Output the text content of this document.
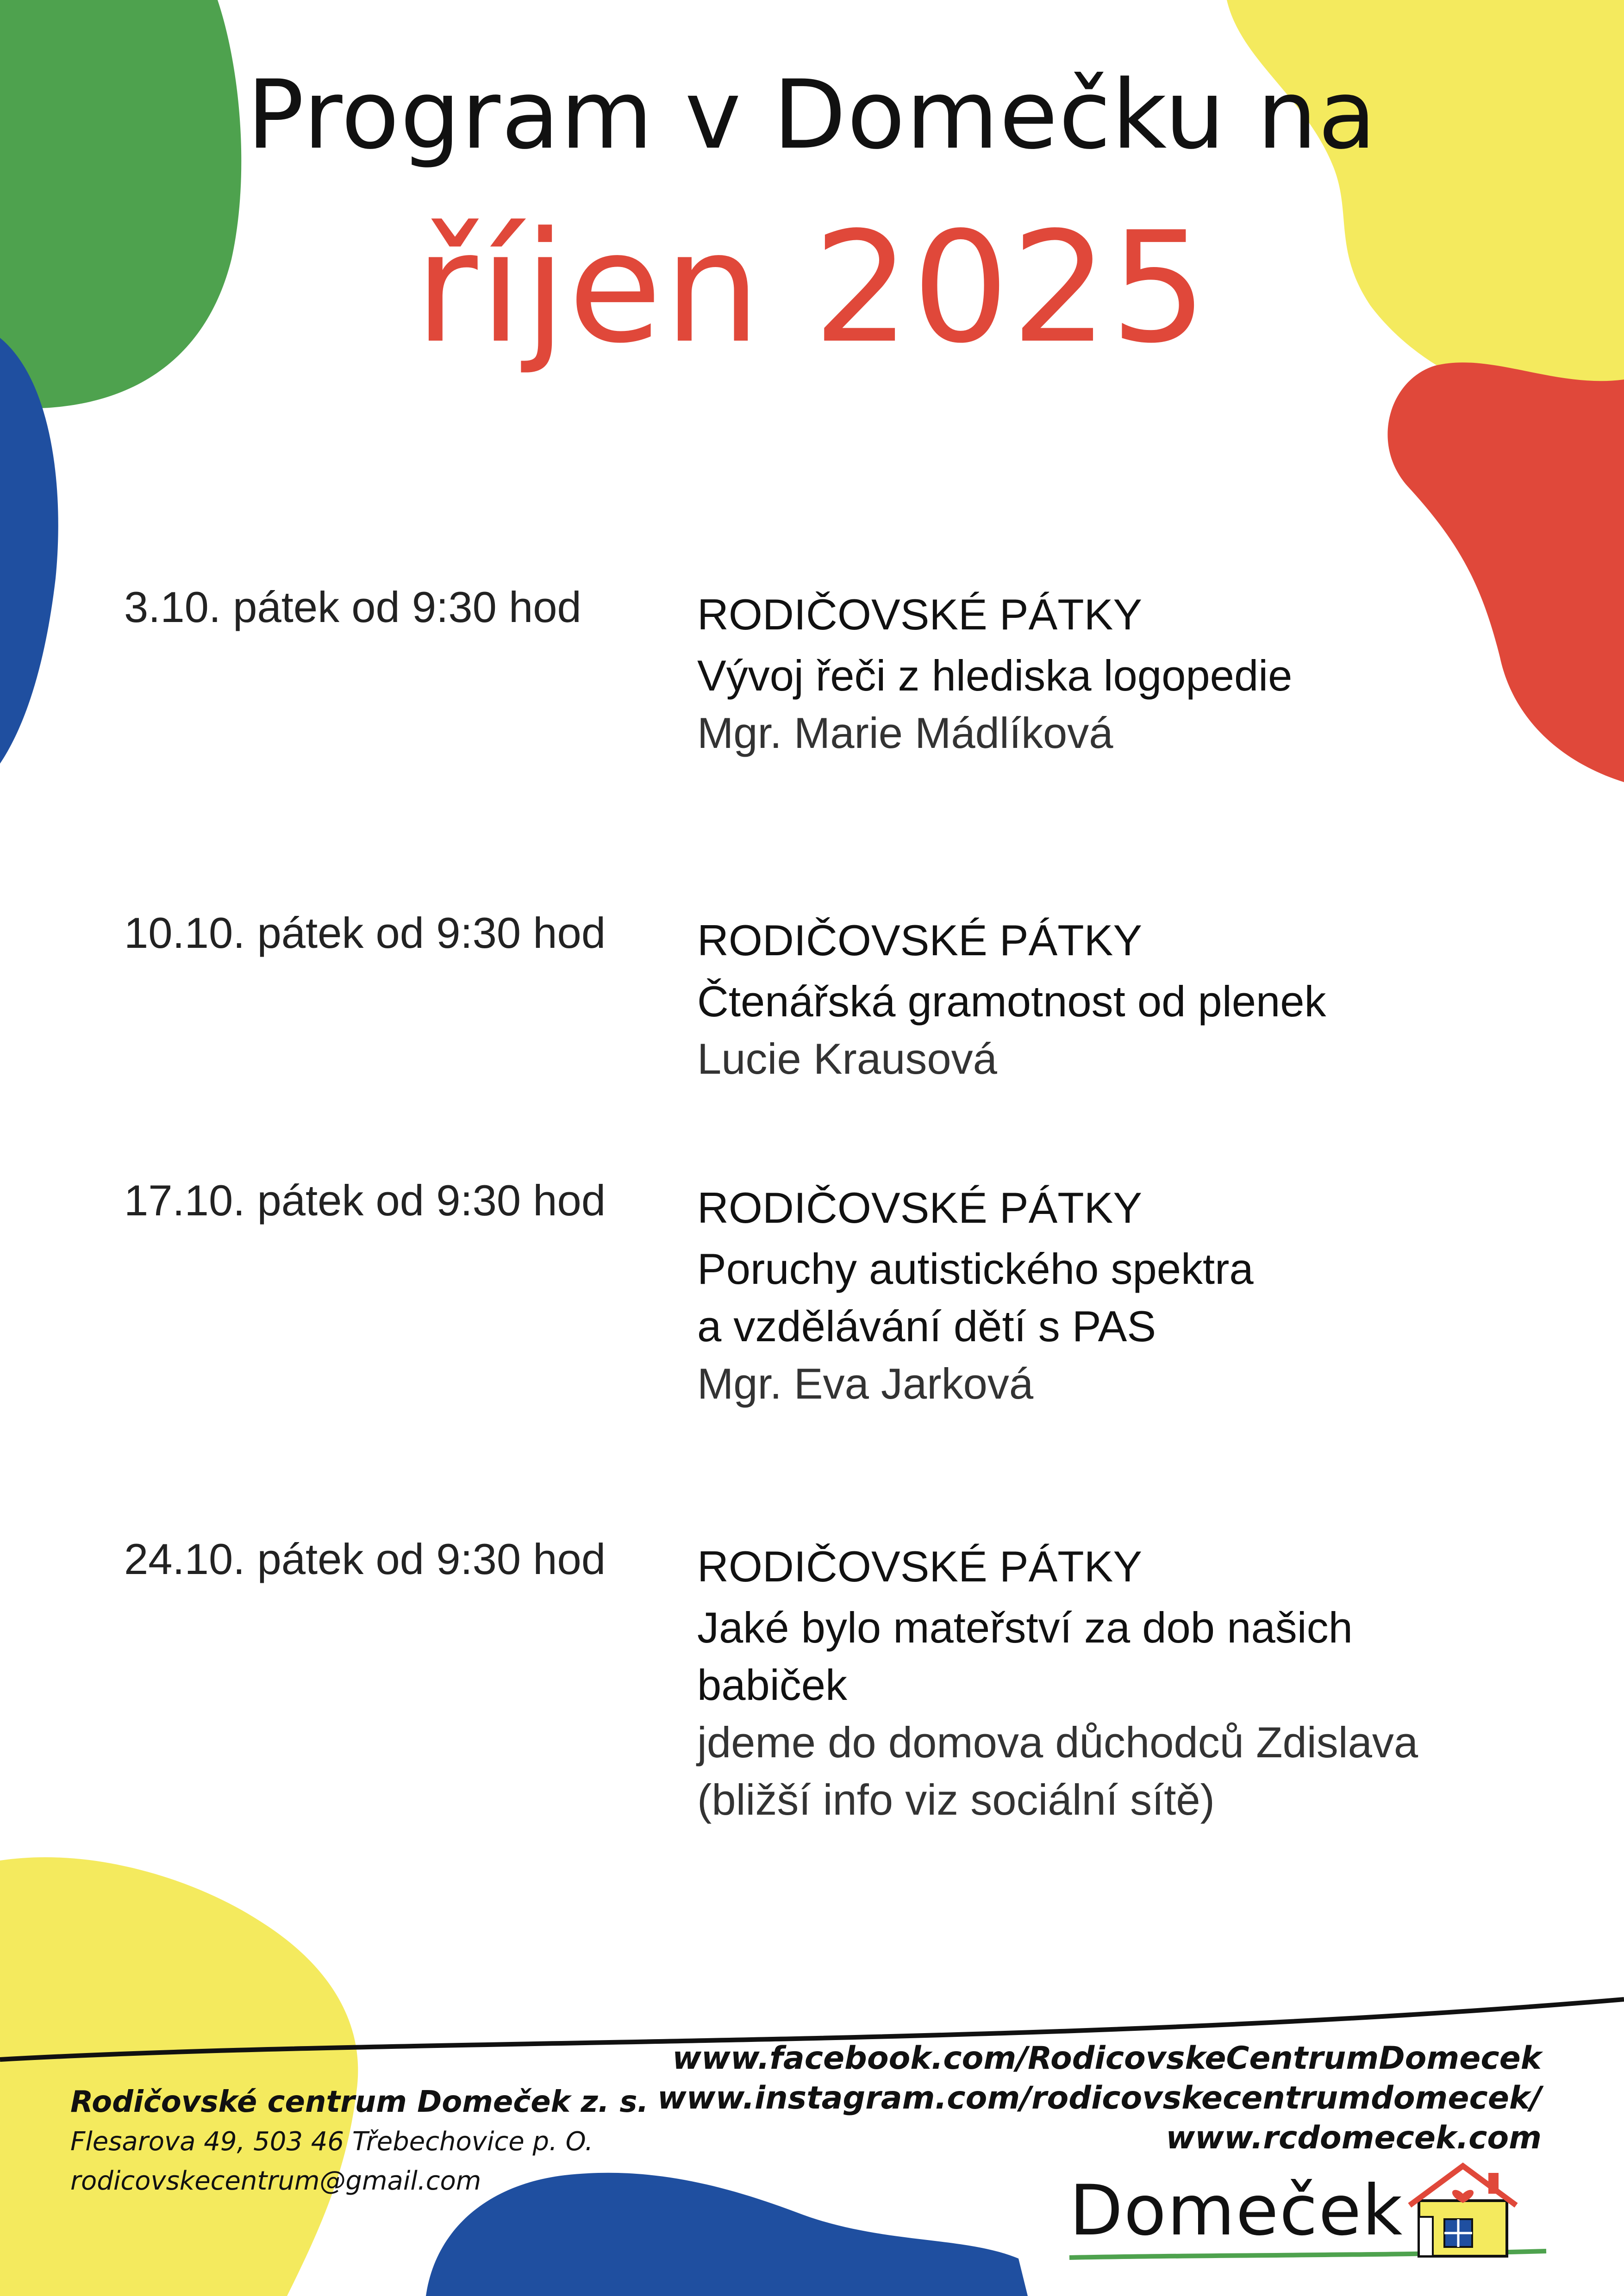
Program v Domečku na
říjen 2025
3.10. pátek od 9:30 hod	RODIČOVSKÉ PÁTKY
Vývoj řeči z hlediska logopedie
Mgr. Marie Mádlíková
10.10. pátek od 9:30 hod RODIČOVSKÉ PÁTKY
Čtenářská gramotnost od plenek
Lucie Krausová
17.10. pátek od 9:30 hod RODIČOVSKÉ PÁTKY
Poruchy autistického spektra
a vzdělávání dětí s PAS
Mgr. Eva Jarková
24.10. pátek od 9:30 hod RODIČOVSKÉ PÁTKY
Jaké bylo mateřství za dob našich
babiček
jdeme do domova důchodců Zdislava
(bližší info viz sociální sítě)
Rodičovské centrum Domeček z. s.
Flesarova 49, 503 46 Třebechovice p. O.
rodicovskecentrum@gmail.com
www.facebook.com/RodicovskeCentrumDomecek
www.instagram.com/rodicovskecentrumdomecek/
www.rcdomecek.com
Domeček
